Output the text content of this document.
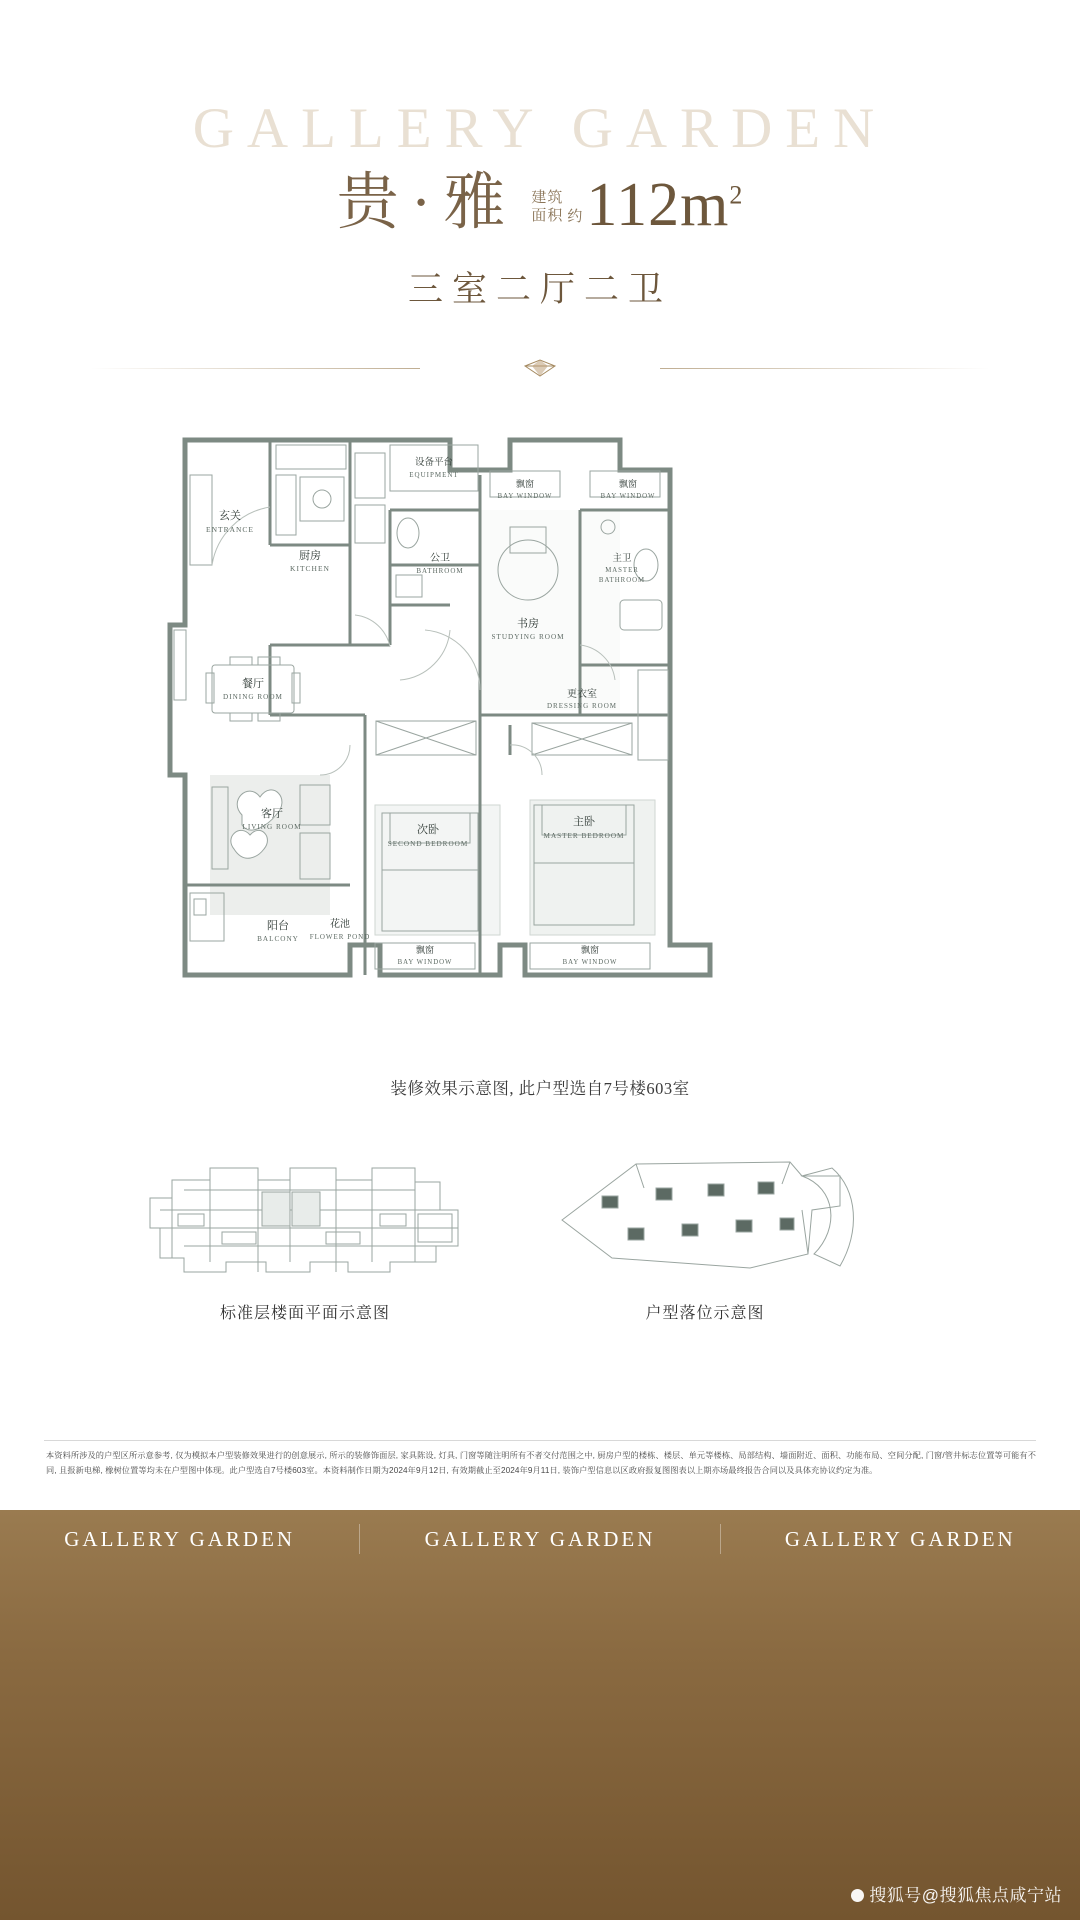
GALLERY GARDEN
贵·雅 建筑
面积 约 $112m^2$
三室二厅二卫
玄关
ENTRANCE
厨房
KITCHEN
设备平台
EQUIPMENT
公卫
BATHROOM
飘窗
BAY WINDOW
飘窗
BAY WINDOW
主卫
MASTER
BATHROOM
书房
STUDYING ROOM
餐厅
DINING ROOM	更衣室
DRESSING ROOM
客厅
LIVING ROOM	次卧
SECOND BEDROOM
主卧
MASTER BEDROOM
飘窗
BAY WINDOW
飘窗
BAY WINDOW
阳台
BALCONY
花池
FLOWER POND
装修效果示意图, 此户型选自7号楼603室
标准层楼面平面示意图	户型落位示意图
本资料所涉及的户型区所示意参考, 仅为模拟本户型装修效果进行的创意展示, 所示的装修饰面层, 家具陈设, 灯具, 门窗等随注明所有不者交付范围之中, 厨房户型的楼栋、楼层、单元等楼栋、局部结构、墙面附近、面积、功能布局、空间分配, 门窗/管井标志位置等可能有不同, 且报新电梯, 橡树位置等均未在户型图中体现。此户型选自7号楼603室。本资料制作日期为2024年9月12日, 有效期截止至2024年9月11日, 装饰户型信息以区政府报复图图表以上期亦场最终报告合同以及具体充协议约定为准。
GALLERY GARDEN	GALLERY GARDEN	GALLERY GARDEN
搜狐号@搜狐焦点咸宁站
